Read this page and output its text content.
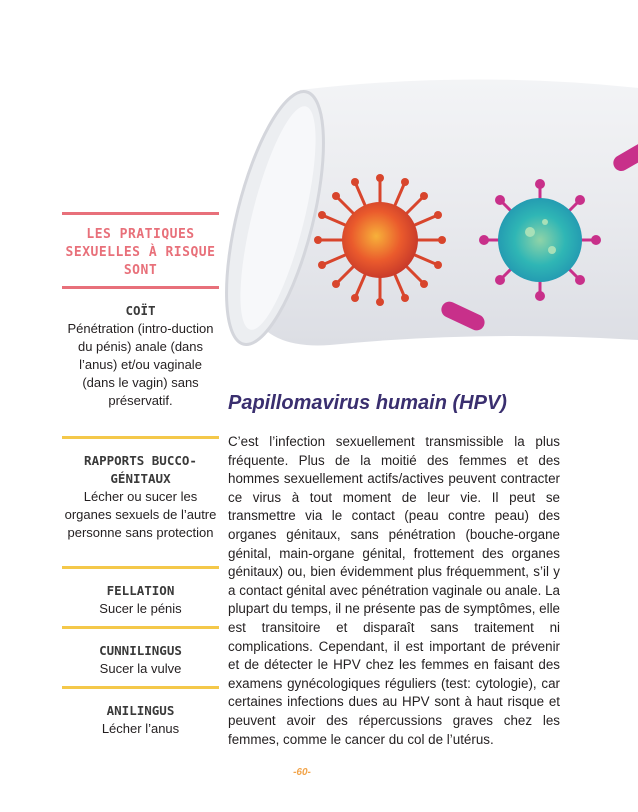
LES PRATIQUES SEXUELLES À RISQUE SONT
COÏT
Pénétration (intro-duction du pénis) anale (dans l’anus) et/ou vaginale (dans le vagin) sans préservatif.
RAPPORTS BUCCO-GÉNITAUX
Lécher ou sucer les organes sexuels de l’autre personne sans protection
FELLATION
Sucer le pénis
CUNNILINGUS
Sucer la vulve
ANILINGUS
Lécher l’anus
Papillomavirus humain (HPV)

C’est l’infection sexuellement transmissible la plus fréquente. Plus de la moitié des femmes et des hommes sexuellement actifs/actives peuvent contracter ce virus à tout moment de leur vie. Il peut se transmettre via le contact (peau contre peau) des organes génitaux, sans pénétration (bouche-organe génital, main-organe génital, frottement des organes génitaux) ou, bien évidemment plus fréquemment, s’il y a contact génital avec pénétration vaginale ou anale. La plupart du temps, il ne présente pas de symptômes, elle est transitoire et disparaît sans traitement ni complications. Cependant, il est important de prévenir et de détecter le HPV chez les femmes en faisant des examens gynécologiques réguliers (test: cytologie), car certaines infections dues au HPV sont à haut risque et peuvent avoir des répercussions graves chez les femmes, comme le cancer du col de l’utérus.

-60-
